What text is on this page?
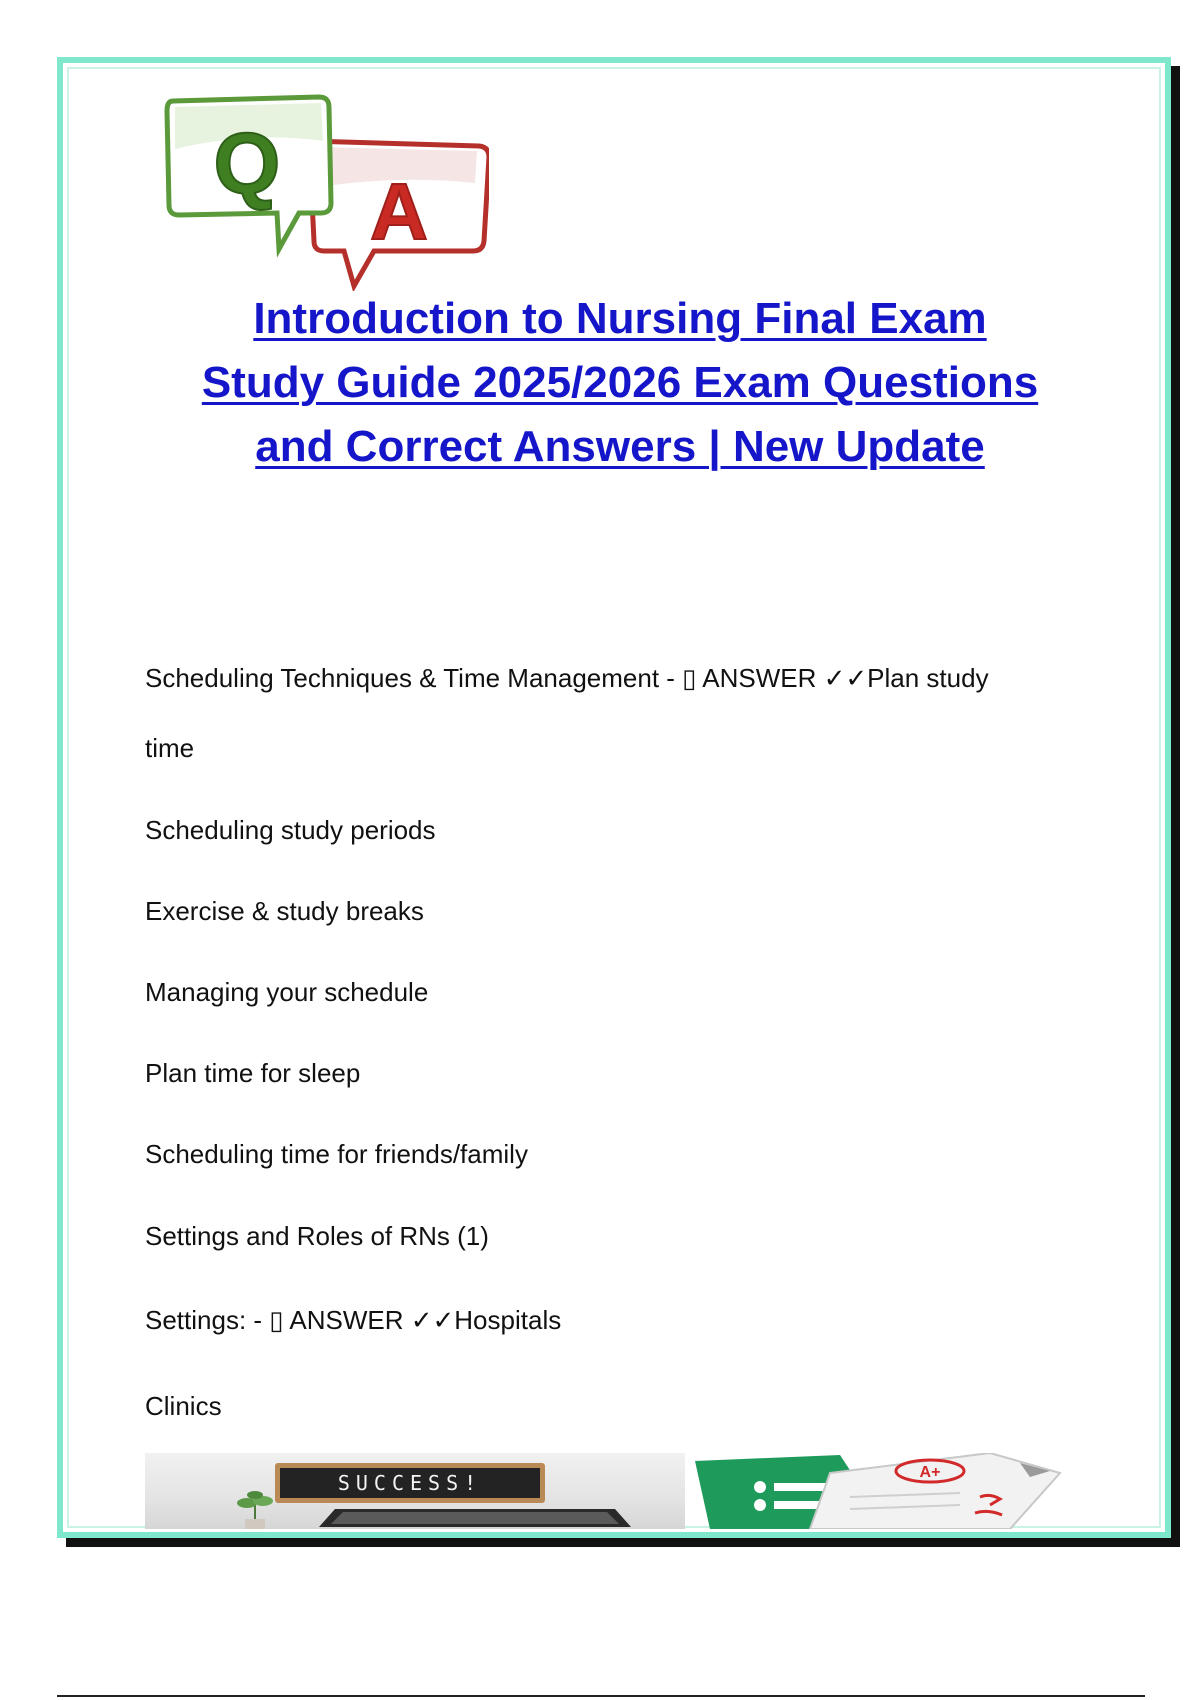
Q A
Introduction to Nursing Final Exam
Study Guide 2025/2026 Exam Questions
and Correct Answers | New Update

Scheduling Techniques & Time Management - ▯ ANSWER ✓✓Plan study

time

Scheduling study periods

Exercise & study breaks

Managing your schedule

Plan time for sleep

Scheduling time for friends/family

Settings and Roles of RNs (1)

Settings: - ▯ ANSWER ✓✓Hospitals

Clinics

SUCCESS!	A+
